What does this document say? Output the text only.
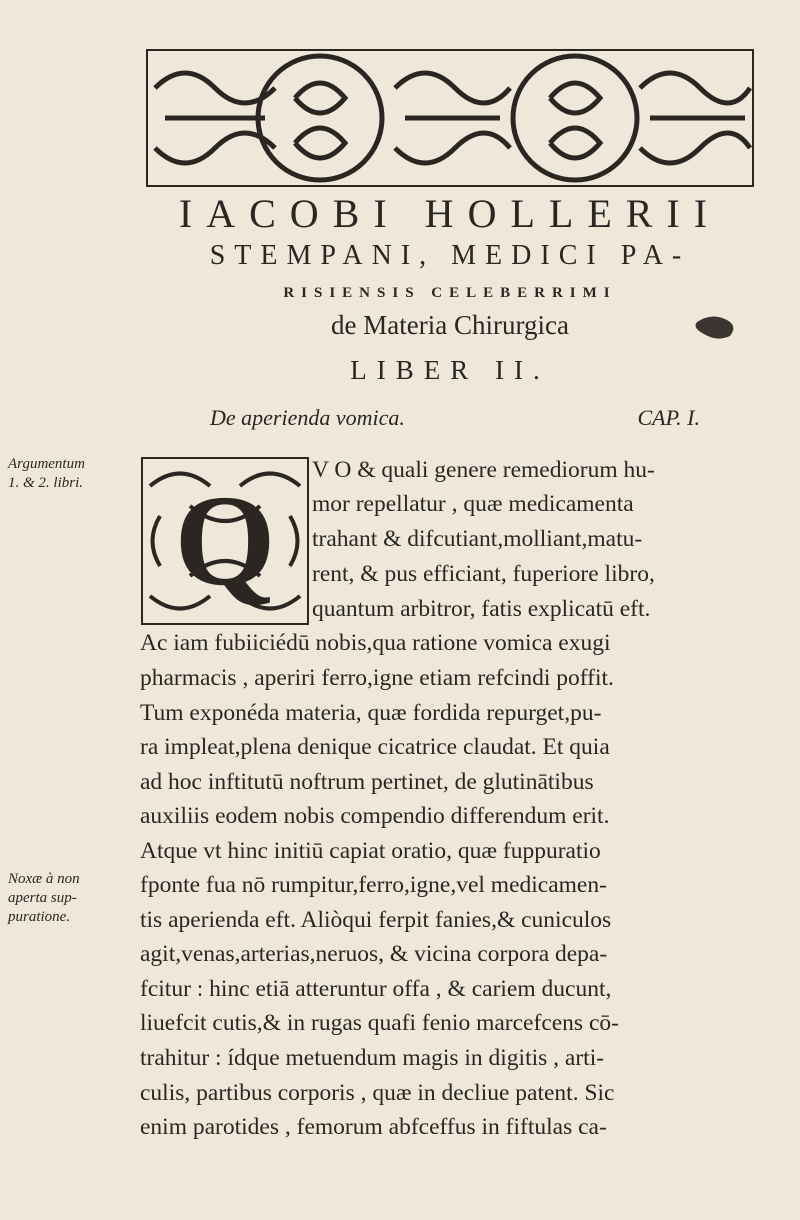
IACOBI HOLLERII
STEMPANI, MEDICI PA-
RISIENSIS CELEBERRIMI
de Materia Chirurgica
LIBER II.
De aperienda vomica.	CAP. I.
Argumentum
1. & 2. libri.
Noxæ à non
aperta sup-
puratione.
Q V O & quali genere remediorum hu-
mor repellatur , quæ medicamenta
trahant & difcutiant,molliant,matu-
rent, & pus efficiant, fuperiore libro,
quantum arbitror, fatis explicatū eft.
Ac iam fubiiciédū nobis,qua ratione vomica exugi
pharmacis , aperiri ferro,igne etiam refcindi poffit.
Tum exponéda materia, quæ fordida repurget,pu-
ra impleat,plena denique cicatrice claudat. Et quia
ad hoc inftitutū noftrum pertinet, de glutinātibus
auxiliis eodem nobis compendio differendum erit.
Atque vt hinc initiū capiat oratio, quæ fuppuratio
fponte fua nō rumpitur,ferro,igne,vel medicamen-
tis aperienda eft. Aliòqui ferpit fanies,& cuniculos
agit,venas,arterias,neruos, & vicina corpora depa-
fcitur : hinc etiā atteruntur offa , & cariem ducunt,
liuefcit cutis,& in rugas quafi fenio marcefcens cō-
trahitur : ídque metuendum magis in digitis , arti-
culis, partibus corporis , quæ in decliue patent. Sic
enim parotides , femorum abfceffus in fiftulas ca-
